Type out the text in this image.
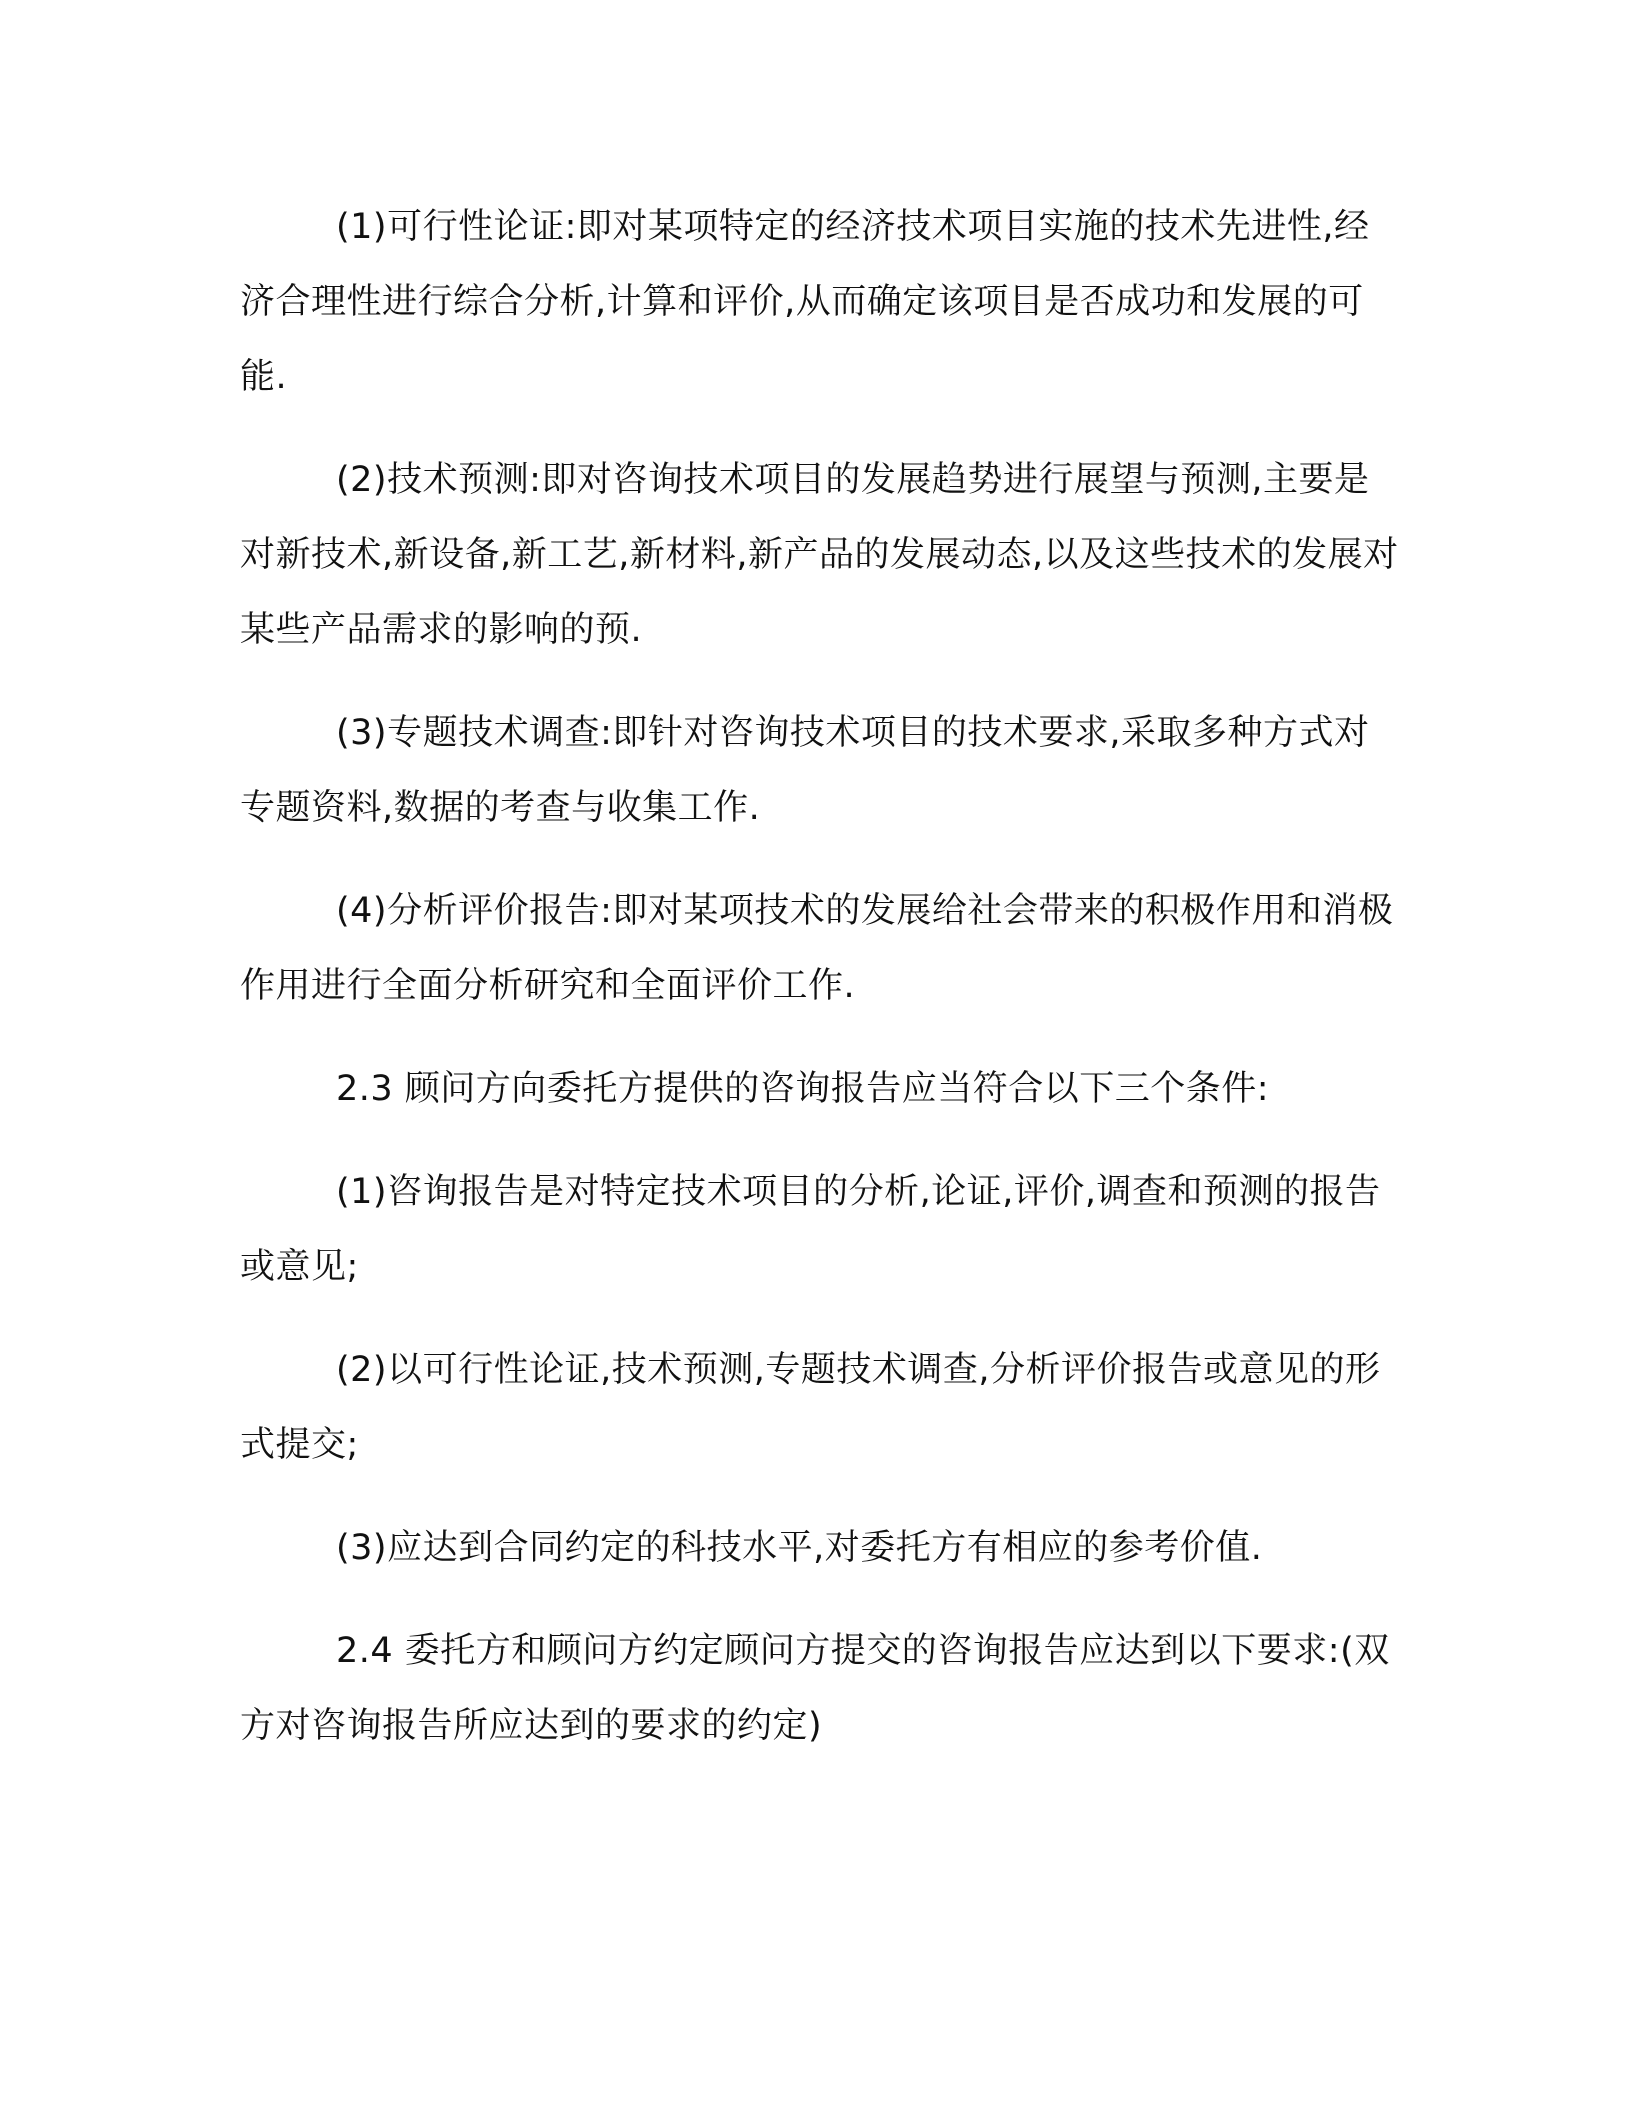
(1)可行性论证:即对某项特定的经济技术项目实施的技术先进性,经济合理性进行综合分析,计算和评价,从而确定该项目是否成功和发展的可能.

(2)技术预测:即对咨询技术项目的发展趋势进行展望与预测,主要是对新技术,新设备,新工艺,新材料,新产品的发展动态,以及这些技术的发展对某些产品需求的影响的预.

(3)专题技术调查:即针对咨询技术项目的技术要求,采取多种方式对专题资料,数据的考查与收集工作.

(4)分析评价报告:即对某项技术的发展给社会带来的积极作用和消极作用进行全面分析研究和全面评价工作.

2.3 顾问方向委托方提供的咨询报告应当符合以下三个条件:

(1)咨询报告是对特定技术项目的分析,论证,评价,调查和预测的报告或意见;

(2)以可行性论证,技术预测,专题技术调查,分析评价报告或意见的形式提交;

(3)应达到合同约定的科技水平,对委托方有相应的参考价值.

2.4 委托方和顾问方约定顾问方提交的咨询报告应达到以下要求:(双方对咨询报告所应达到的要求的约定)
